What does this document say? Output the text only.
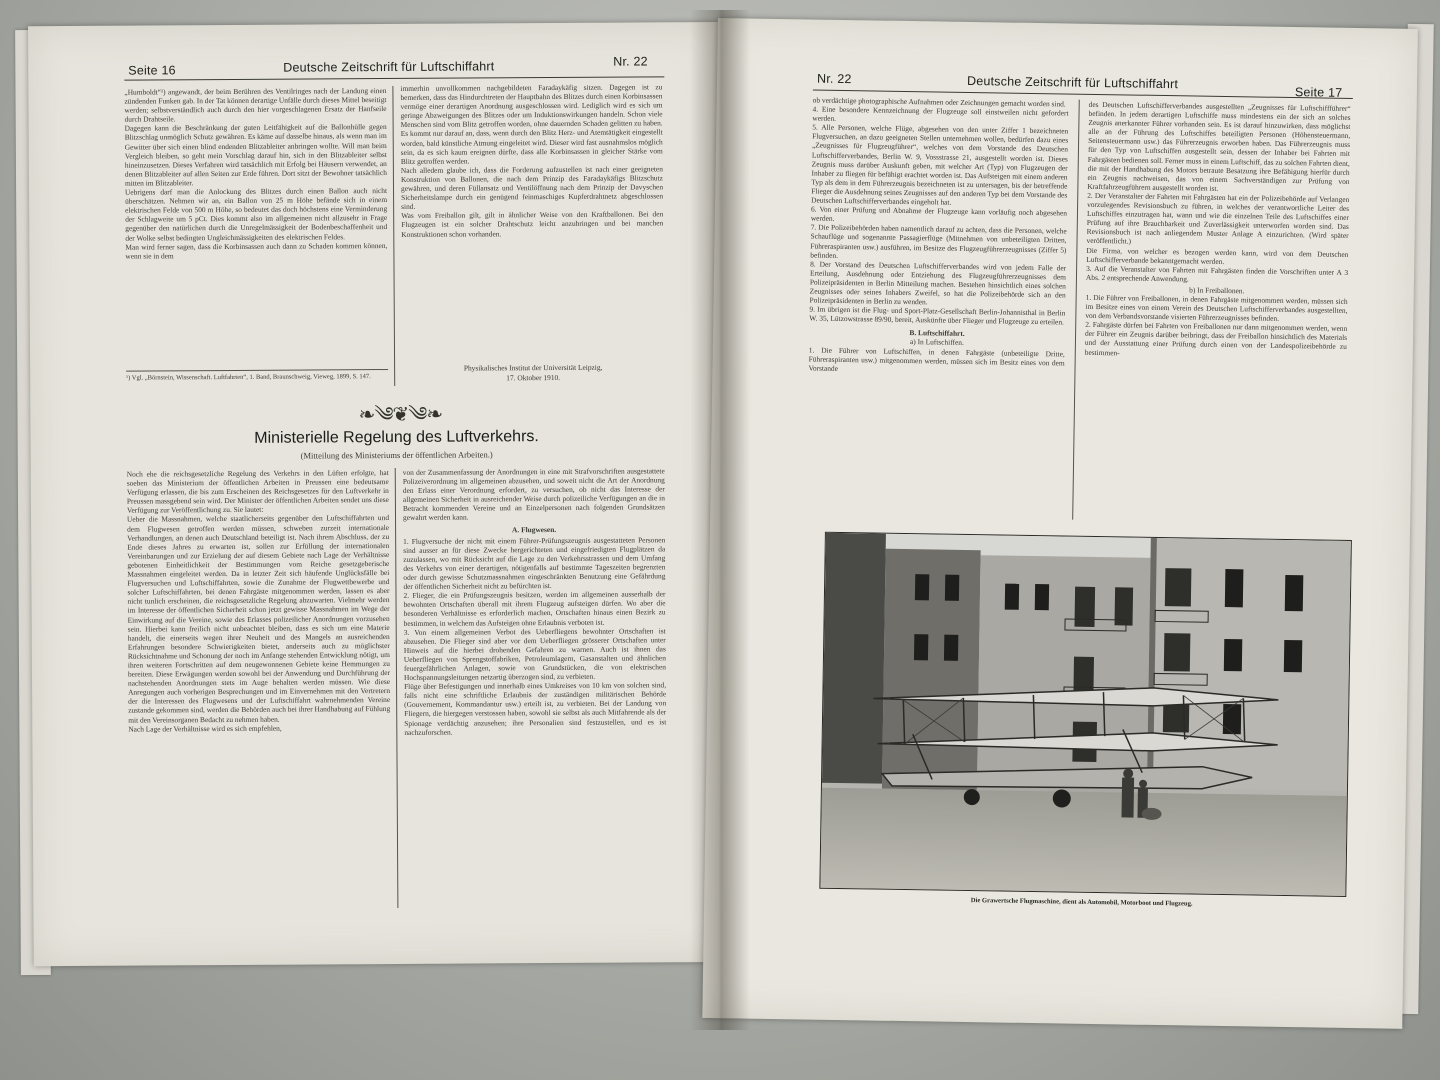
Seite 16	Deutsche Zeitschrift für Luftschiffahrt	Nr. 22
„Humboldt“¹) angewandt, der beim Berühren des Ventilringes nach der Landung einen zündenden Funken gab. In der Tat können derartige Unfälle durch dieses Mittel beseitigt werden; selbstverständlich auch durch den hier vorgeschlagenen Ersatz der Hanfseile durch Drahtseile.
Dagegen kann die Beschränkung der guten Leitfähigkeit auf die Ballonhülle gegen Blitzschlag unmöglich Schutz gewähren. Es käme auf dasselbe hinaus, als wenn man im Gewitter über sich einen blind endenden Blitzableiter anbringen wollte. Will man beim Vergleich bleiben, so geht mein Vorschlag darauf hin, sich in den Blitzableiter selbst hineinzusetzen. Dieses Verfahren wird tatsächlich mit Erfolg bei Häusern verwendet, an denen Blitzableiter auf allen Seiten zur Erde führen. Dort sitzt der Bewohner tatsächlich mitten im Blitzableiter.
Uebrigens darf man die Anlockung des Blitzes durch einen Ballon auch nicht überschätzen. Nehmen wir an, ein Ballon von 25 m Höhe befände sich in einem elektrischen Felde von 500 m Höhe, so bedeutet das doch höchstens eine Verminderung der Schlagweite um 5 pCt. Dies kommt also im allgemeinen nicht allzusehr in Frage gegenüber den natürlichen durch die Unregelmässigkeit der Bodenbeschaffenheit und der Wolke selbst bedingten Ungleichmässigkeiten des elektrischen Feldes.
Man wird ferner sagen, dass die Korbinsassen auch dann zu Schaden kommen können, wenn sie in dem
¹) Vgl. „Börnstein, Wissenschaft. Luftfahrten“, 1. Band, Braunschweig, Vieweg, 1899, S. 147.
immerhin unvollkommen nachgebildeten Faradaykäfig sitzen. Dagegen ist zu bemerken, dass das Hindurchtreten der Hauptbahn des Blitzes durch einen Korbinsassen vermöge einer derartigen Anordnung ausgeschlossen wird. Lediglich wird es sich um geringe Abzweigungen des Blitzes oder um Induktionswirkungen handeln. Schon viele Menschen sind vom Blitz getroffen worden, ohne dauernden Schaden gelitten zu haben. Es kommt nur darauf an, dass, wenn durch den Blitz Herz- und Atemtätigkeit eingestellt worden, bald künstliche Atmung eingeleitet wird. Dieser wird fast ausnahmslos möglich sein, da es sich kaum ereignen dürfte, dass alle Korbinsassen in gleicher Stärke vom Blitz getroffen werden.
Nach alledem glaube ich, dass die Forderung aufzustellen ist nach einer geeigneten Konstruktion von Ballonen, die nach dem Prinzip des Faradaykäfigs Blitzschutz gewähren, und deren Füllansatz und Ventilöffnung nach dem Prinzip der Davyschen Sicherheitslampe durch ein genügend feinmaschiges Kupferdrahtnetz abgeschlossen sind.
Was vom Freiballon gilt, gilt in ähnlicher Weise von den Kraftballonen. Bei den Flugzeugen ist ein solcher Drahtschutz leicht anzubringen und bei manchen Konstruktionen schon vorhanden.
Physikalisches Institut der Universität Leipzig,
17. Oktober 1910.
❧༄❦༄❧
Ministerielle Regelung des Luftverkehrs.
(Mitteilung des Ministeriums der öffentlichen Arbeiten.)
Noch ehe die reichsgesetzliche Regelung des Verkehrs in den Lüften erfolgte, hat soeben das Ministerium der öffentlichen Arbeiten in Preussen eine bedeutsame Verfügung erlassen, die bis zum Erscheinen des Reichsgesetzes für den Luftverkehr in Preussen massgebend sein wird. Der Minister der öffentlichen Arbeiten sendet uns diese Verfügung zur Veröffentlichung zu. Sie lautet:
Ueber die Massnahmen, welche staatlicherseits gegenüber den Luftschiffahrten und dem Flugwesen getroffen werden müssen, schweben zurzeit internationale Verhandlungen, an denen auch Deutschland beteiligt ist. Nach ihrem Abschluss, der zu Ende dieses Jahres zu erwarten ist, sollen zur Erfüllung der internationalen Vereinbarungen und zur Erzielung der auf diesem Gebiete nach Lage der Verhältnisse gebotenen Einheitlichkeit der Bestimmungen vom Reiche gesetzgeberische Massnahmen eingeleitet werden. Da in letzter Zeit sich häufende Unglücksfälle bei Flugversuchen und Luftschiffahrten, sowie die Zunahme der Flugwettbewerbe und solcher Luftschiffahrten, bei denen Fahrgäste mitgenommen werden, lassen es aber nicht tunlich erscheinen, die reichsgesetzliche Regelung abzuwarten. Vielmehr werden im Interesse der öffentlichen Sicherheit schon jetzt gewisse Massnahmen im Wege der Einwirkung auf die Vereine, sowie des Erlasses polizeilicher Anordnungen vorzusehen sein. Hierbei kann freilich nicht unbeachtet bleiben, dass es sich um eine Materie handelt, die einerseits wegen ihrer Neuheit und des Mangels an ausreichenden Erfahrungen besondere Schwierigkeiten bietet, anderseits auch zu möglichster Rücksichtnahme und Schonung der noch im Anfange stehenden Entwicklung nötigt, um ihren weiteren Fortschritten auf dem neugewonnenen Gebiete keine Hemmungen zu bereiten. Diese Erwägungen werden sowohl bei der Anwendung und Durchführung der nachstehenden Anordnungen stets im Auge behalten werden müssen. Wie diese Anregungen auch vorherigen Besprechungen und im Einvernehmen mit den Vertretern der die Interessen des Flugwesens und der Luftschiffahrt wahrnehmenden Vereine zustande gekommen sind, werden die Behörden auch bei ihrer Handhabung auf Fühlung mit den Vereinsorganen Bedacht zu nehmen haben.
Nach Lage der Verhältnisse wird es sich empfehlen,
von der Zusammenfassung der Anordnungen in eine mit Strafvorschriften ausgestattete Polizeiverordnung im allgemeinen abzusehen, und soweit nicht die Art der Anordnung den Erlass einer Verordnung erfordert, zu versuchen, ob nicht das Interesse der allgemeinen Sicherheit in ausreichender Weise durch polizeiliche Verfügungen an die in Betracht kommenden Vereine und an Einzelpersonen nach folgenden Grundsätzen gewahrt werden kann.
A. Flugwesen.
1. Flugversuche der nicht mit einem Führer-Prüfungszeugnis ausgestatteten Personen sind ausser an für diese Zwecke hergerichteten und eingefriedigten Flugplätzen da zuzulassen, wo mit Rücksicht auf die Lage zu den Verkehrsstrassen und dem Umfang des Verkehrs von einer derartigen, nötigenfalls auf bestimmte Tageszeiten begrenzten oder durch gewisse Schutzmassnahmen eingeschränkten Benutzung eine Gefährdung der öffentlichen Sicherheit nicht zu befürchten ist.
2. Flieger, die ein Prüfungszeugnis besitzen, werden im allgemeinen ausserhalb der bewohnten Ortschaften überall mit ihrem Flugzeug aufsteigen dürfen. Wo aber die besonderen Verhältnisse es erforderlich machen, Ortschaften hinaus einen Bezirk zu bestimmen, in welchem das Aufsteigen ohne Erlaubnis verboten ist.
3. Von einem allgemeinen Verbot des Ueberfliegens bewohnter Ortschaften ist abzusehen. Die Flieger sind aber vor dem Ueberfliegen grösserer Ortschaften unter Hinweis auf die hierbei drohenden Gefahren zu warnen. Auch ist ihnen das Ueberfliegen von Sprengstoffabriken, Petroleumlagern, Gasanstalten und ähnlichen feuergefährlichen Anlagen, sowie von Grundstücken, die von elektrischen Hochspannungsleitungen netzartig überzogen sind, zu verbieten.
Flüge über Befestigungen und innerhalb eines Umkreises von 10 km von solchen sind, falls nicht eine schriftliche Erlaubnis der zuständigen militärischen Behörde (Gouvernement, Kommandantur usw.) erteilt ist, zu verbieten. Bei der Landung von Fliegern, die hiergegen verstossen haben, sowohl sie selbst als auch Mitfahrende als der Spionage verdächtig anzusehen; ihre Personalien sind festzustellen, und es ist nachzuforschen.
Nr. 22	Deutsche Zeitschrift für Luftschiffahrt
Seite 17
ob verdächtige photographische Aufnahmen oder Zeichnungen gemacht worden sind.
4. Eine besondere Kennzeichnung der Flugzeuge soll einstweilen nicht gefordert werden.
5. Alle Personen, welche Flüge, abgesehen von den unter Ziffer 1 bezeichneten Flugversuchen, an dazu geeigneten Stellen unternehmen wollen, bedürfen dazu eines „Zeugnisses für Flugzeugführer“, welches von dem Vorstande des Deutschen Luftschifferverbandes, Berlin W. 9, Vossstrasse 21, ausgestellt worden ist. Dieses Zeugnis muss darüber Auskunft geben, mit welcher Art (Typ) von Flugzeugen der Inhaber zu fliegen für befähigt erachtet worden ist. Das Aufsteigen mit einem anderen Typ als dem in dem Führerzeugnis bezeichneten ist zu untersagen, bis der betreffende Flieger die Ausdehnung seines Zeugnisses auf den anderen Typ bei dem Vorstande des Deutschen Luftschifferverbandes eingeholt hat.
6. Von einer Prüfung und Abnahme der Flugzeuge kann vorläufig noch abgesehen werden.
7. Die Polizeibehörden haben namentlich darauf zu achten, dass die Personen, welche Schauflüge und sogenannte Passagierflüge (Mitnehmen von unbeteiligten Dritten, Führeraspiranten usw.) ausführen, im Besitze des Flugzeugführerzeugnisses (Ziffer 5) befinden.
8. Der Vorstand des Deutschen Luftschifferverbandes wird von jedem Falle der Erteilung, Ausdehnung oder Entziehung des Flugzeugführerzeugnisses dem Polizeipräsidenten in Berlin Mitteilung machen. Bestehen hinsichtlich eines solchen Zeugnisses oder seines Inhabers Zweifel, so hat die Polizeibehörde sich an den Polizeipräsidenten in Berlin zu wenden.
9. Im übrigen ist die Flug- und Sport-Platz-Gesellschaft Berlin-Johannisthal in Berlin W. 35, Lützowstrasse 89/90, bereit, Auskünfte über Flieger und Flugzeuge zu erteilen.
B. Luftschiffahrt.
a) In Luftschiffen.
1. Die Führer von Luftschiffen, in denen Fahrgäste (unbeteiligte Dritte, Führeraspiranten usw.) mitgenommen werden, müssen sich im Besitz eines von dem Vorstande
des Deutschen Luftschifferverbandes ausgestellten „Zeugnisses für Luftschiffführer“ befinden. In jedem derartigen Luftschiffe muss mindestens ein der sich an solches Zeugnis anerkannter Führer vorhanden sein. Es ist darauf hinzuwirken, dass möglichst alle an der Führung des Luftschiffes beteiligten Personen (Höhensteuermann, Seitensteuermann usw.) das Führerzeugnis erworben haben. Das Führerzeugnis muss für den Typ von Luftschiffen ausgestellt sein, dessen der Inhaber bei Fahrten mit Fahrgästen bedienen soll. Ferner muss in einem Luftschiff, das zu solchen Fahrten dient, die mit der Handhabung des Motors betraute Besatzung ihre Befähigung hierfür durch ein Zeugnis nachweisen, das von einem Sachverständigen zur Prüfung von Kraftfahrzeugführern ausgestellt worden ist.
2. Der Veranstalter der Fahrten mit Fahrgästen hat ein der Polizeibehörde auf Verlangen vorzulegendes Revisionsbuch zu führen, in welches der verantwortliche Leiter des Luftschiffes einzutragen hat, wann und wie die einzelnen Teile des Luftschiffes einer Prüfung auf ihre Brauchbarkeit und Zuverlässigkeit unterworfen worden sind. Das Revisionsbuch ist nach anliegendem Muster Anlage A einzurichten. (Wird später veröffentlicht.)
Die Firma, von welcher es bezogen werden kann, wird von dem Deutschen Luftschifferverbande bekanntgemacht werden.
3. Auf die Veranstalter von Fahrten mit Fahrgästen finden die Vorschriften unter A 3 Abs. 2 entsprechende Anwendung.
b) In Freiballonen.
1. Die Führer von Freiballonen, in denen Fahrgäste mitgenommen werden, müssen sich im Besitze eines von einem Verein des Deutschen Luftschifferverbandes ausgestellten, von dem Verbandsvorstande visierten Führerzeugnisses befinden.
2. Fahrgäste dürfen bei Fahrten von Freiballonen nur dann mitgenommen werden, wenn der Führer ein Zeugnis darüber beibringt, dass der Freiballon hinsichtlich des Materials und der Ausstattung einer Prüfung durch einen von der Landespolizeibehörde zu bestimmen-
Die Grawertsche Flugmaschine, dient als Automobil, Motorboot und Flugzeug.
